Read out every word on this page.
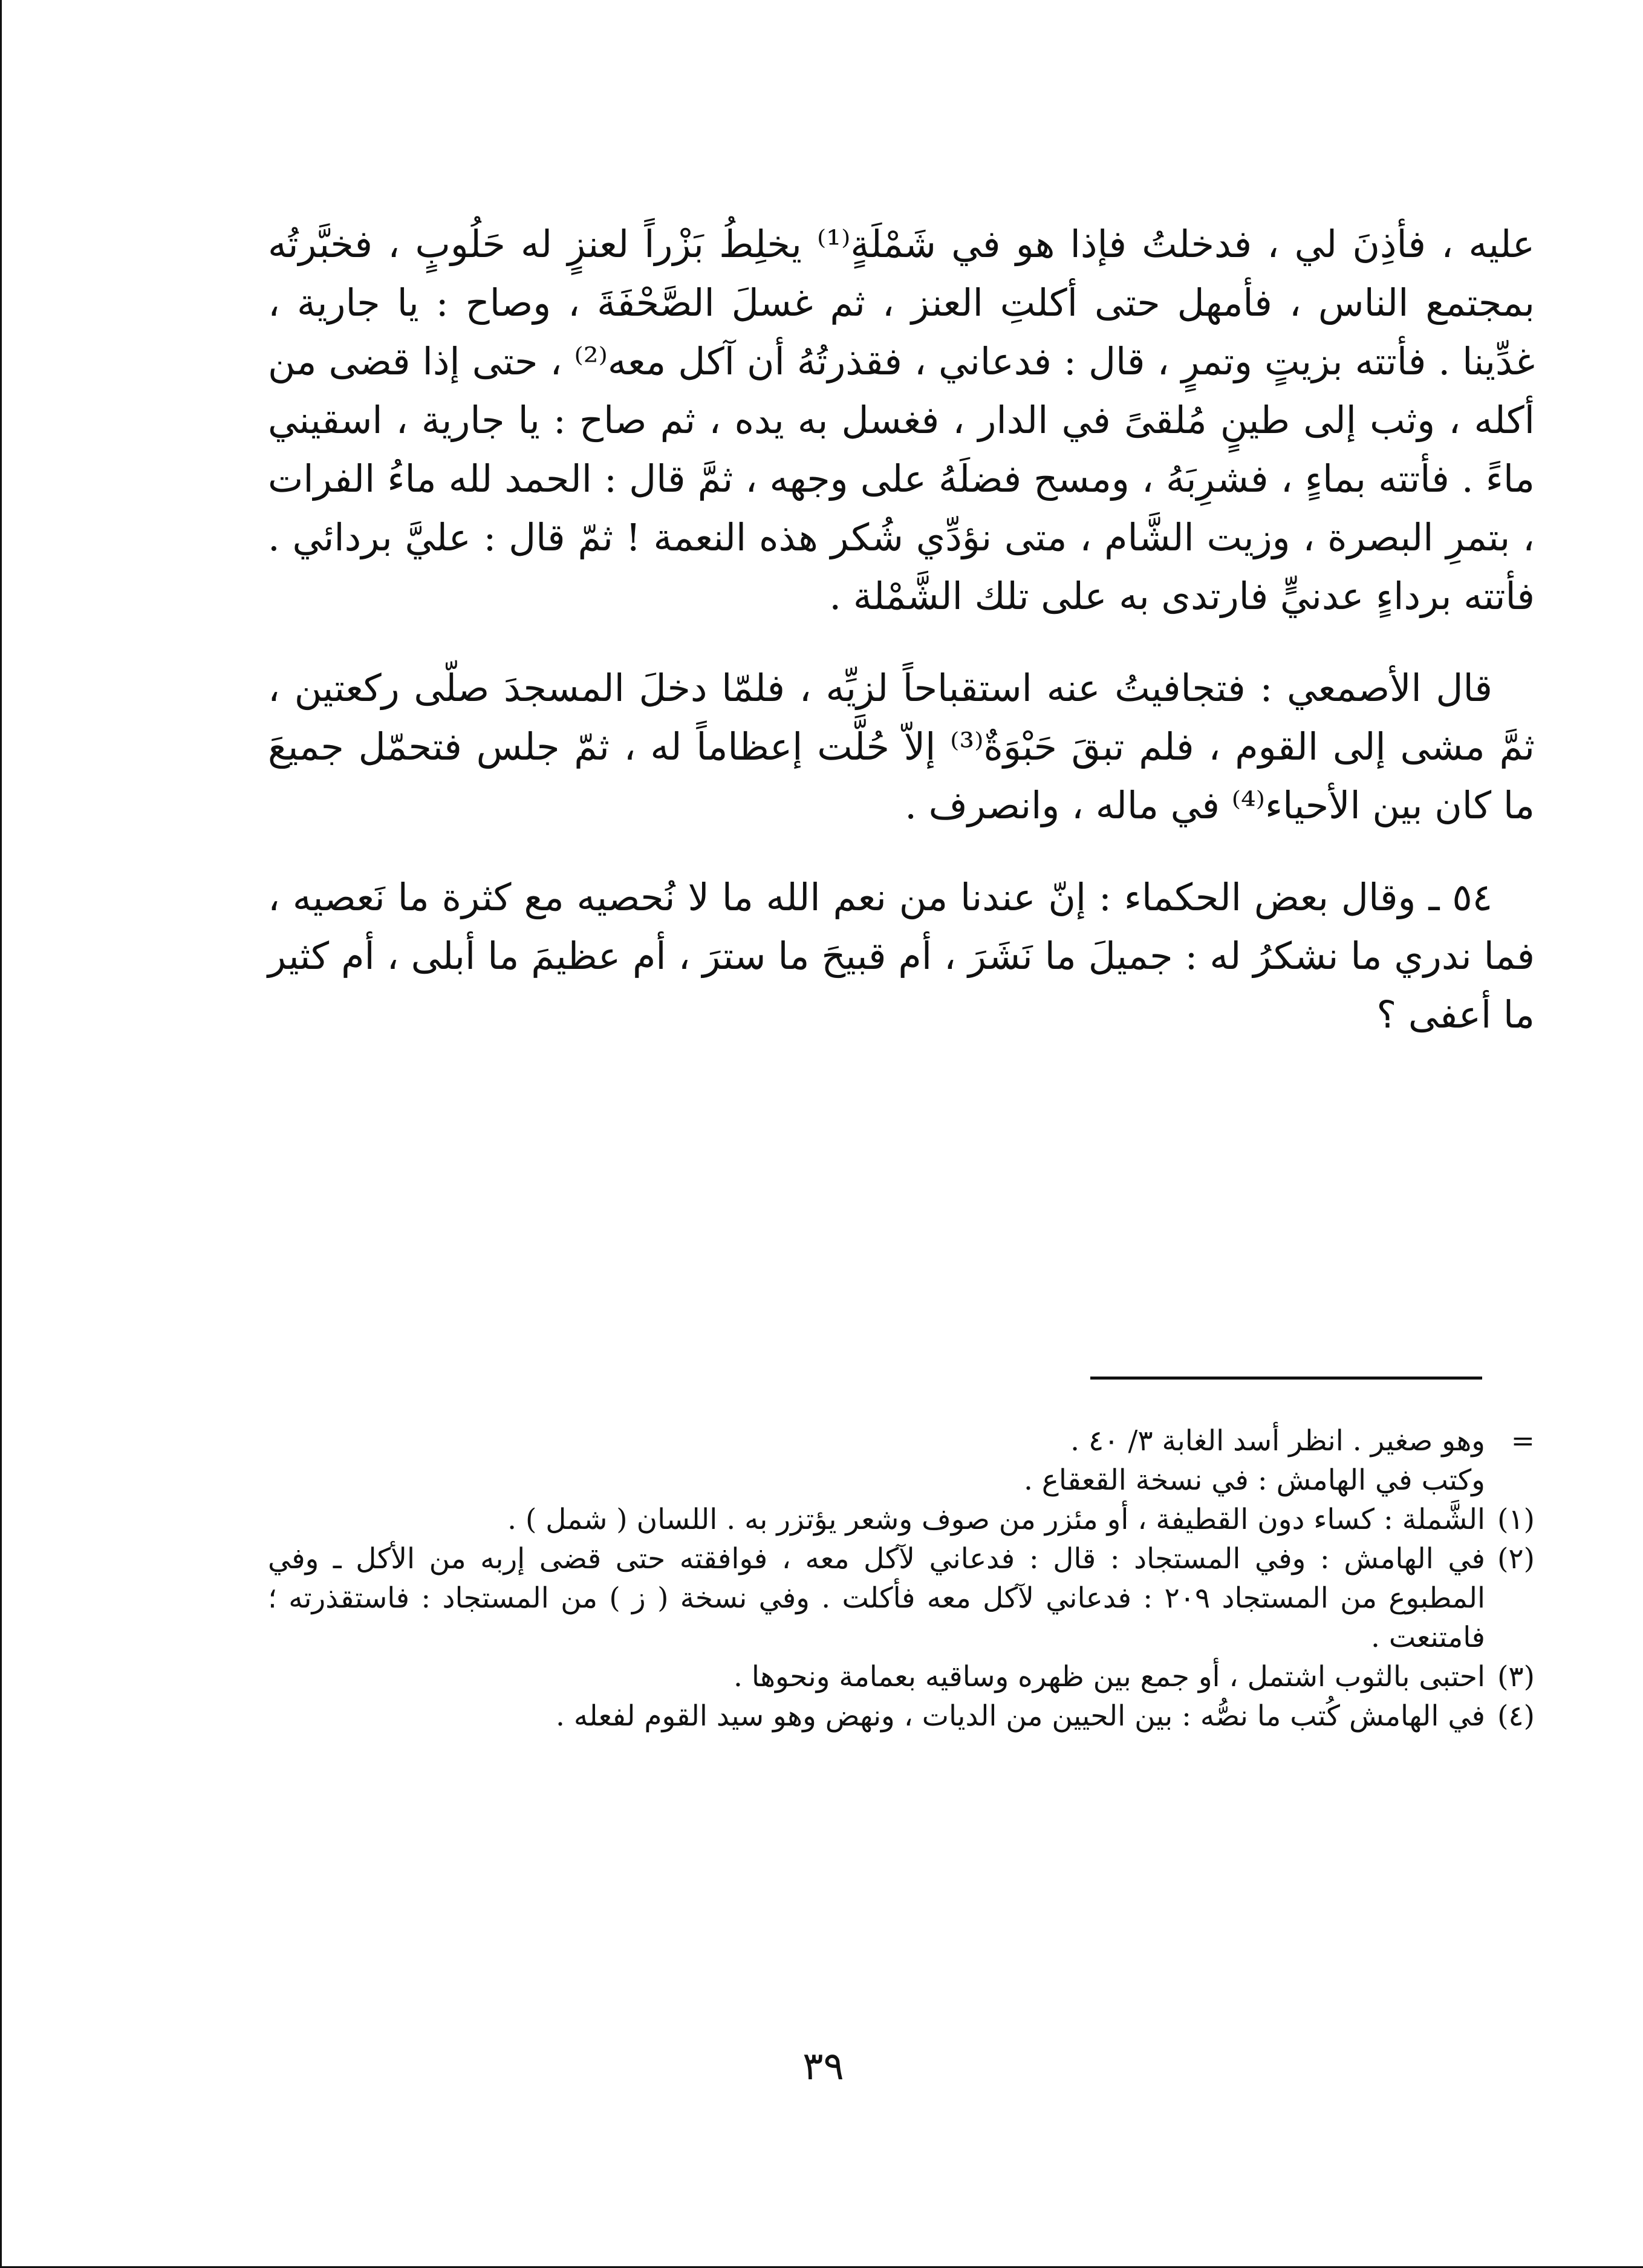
عليه ، فأذِنَ لي ، فدخلتُ فإذا هو في شَمْلَةٍ⁽¹⁾ يخلِطُ بَزْراً لعنزٍ له حَلُوبٍ ، فخبَّرتُه بمجتمع الناس ، فأمهل حتى أكلتِ العنز ، ثم غسلَ الصَّحْفَةَ ، وصاح : يا جارية ، غدِّينا . فأتته بزيتٍ وتمرٍ ، قال : فدعاني ، فقذرتُهُ أن آكل معه⁽²⁾ ، حتى إذا قضى من أكله ، وثب إلى طينٍ مُلقىً في الدار ، فغسل به يده ، ثم صاح : يا جارية ، اسقيني ماءً . فأتته بماءٍ ، فشرِبَهُ ، ومسح فضلَهُ على وجهه ، ثمَّ قال : الحمد لله ماءُ الفرات ، بتمرِ البصرة ، وزيت الشَّام ، متى نؤدِّي شُكر هذه النعمة ! ثمّ قال : عليَّ بردائي . فأتته برداءٍ عدنيٍّ فارتدى به على تلك الشَّمْلة .

قال الأصمعي : فتجافيتُ عنه استقباحاً لزيِّه ، فلمّا دخلَ المسجدَ صلّى ركعتين ، ثمَّ مشى إلى القوم ، فلم تبقَ حَبْوَةٌ⁽³⁾ إلاّ حُلَّت إعظاماً له ، ثمّ جلس فتحمّل جميعَ ما كان بين الأحياء⁽⁴⁾ في ماله ، وانصرف .

٥٤ ـ وقال بعض الحكماء : إنّ عندنا من نعم الله ما لا نُحصيه مع كثرة ما نَعصيه ، فما ندري ما نشكرُ له : جميلَ ما نَشَرَ ، أم قبيحَ ما سترَ ، أم عظيمَ ما أبلى ، أم كثير ما أعفى ؟

=
وهو صغير . انظر أسد الغابة ٣/ ٤٠ .

وكتب في الهامش : في نسخة القعقاع .

(١)
الشَّملة : كساء دون القطيفة ، أو مئزر من صوف وشعر يؤتزر به . اللسان ( شمل ) .

(٢)
في الهامش : وفي المستجاد : قال : فدعاني لآكل معه ، فوافقته حتى قضى إربه من الأكل ـ وفي المطبوع من المستجاد ٢٠٩ : فدعاني لآكل معه فأكلت . وفي نسخة ( ز ) من المستجاد : فاستقذرته ؛ فامتنعت .

(٣)
احتبى بالثوب اشتمل ، أو جمع بين ظهره وساقيه بعمامة ونحوها .

(٤)
في الهامش كُتب ما نصُّه : بين الحيين من الديات ، ونهض وهو سيد القوم لفعله .

٣٩
